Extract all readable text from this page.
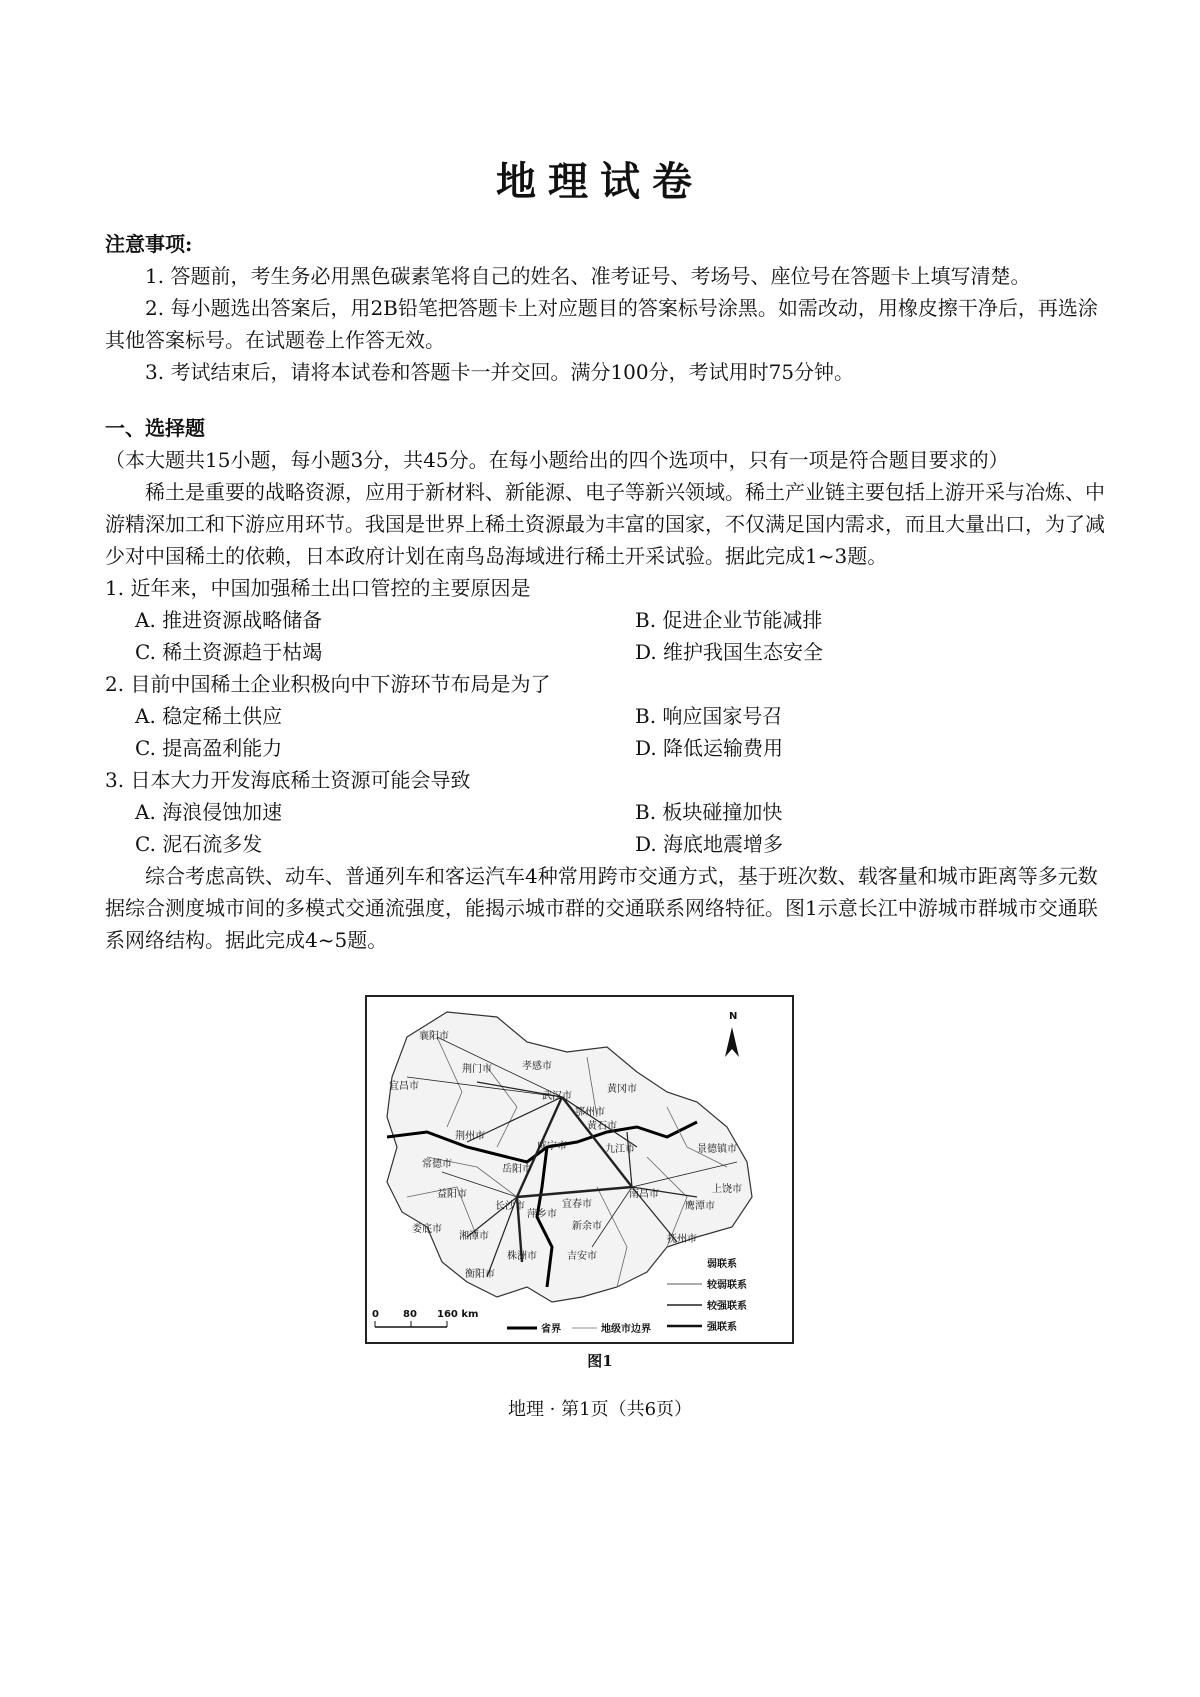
地理试卷
注意事项:
1. 答题前，考生务必用黑色碳素笔将自己的姓名、准考证号、考场号、座位号在答题卡上填写清楚。
2. 每小题选出答案后，用2B铅笔把答题卡上对应题目的答案标号涂黑。如需改动，用橡皮擦干净后，再选涂其他答案标号。在试题卷上作答无效。
3. 考试结束后，请将本试卷和答题卡一并交回。满分100分，考试用时75分钟。
一、选择题（本大题共15小题，每小题3分，共45分。在每小题给出的四个选项中，只有一项是符合题目要求的）
稀土是重要的战略资源，应用于新材料、新能源、电子等新兴领域。稀土产业链主要包括上游开采与冶炼、中游精深加工和下游应用环节。我国是世界上稀土资源最为丰富的国家，不仅满足国内需求，而且大量出口，为了减少对中国稀土的依赖，日本政府计划在南鸟岛海域进行稀土开采试验。据此完成1~3题。

1. 近年来，中国加强稀土出口管控的主要原因是

A. 推进资源战略储备	B. 促进企业节能减排
C. 稀土资源趋于枯竭	D. 维护我国生态安全

2. 目前中国稀土企业积极向中下游环节布局是为了

A. 稳定稀土供应	B. 响应国家号召
C. 提高盈利能力	D. 降低运输费用

3. 日本大力开发海底稀土资源可能会导致

A. 海浪侵蚀加速	B. 板块碰撞加快
C. 泥石流多发	D. 海底地震增多
综合考虑高铁、动车、普通列车和客运汽车4种常用跨市交通方式，基于班次数、载客量和城市距离等多元数据综合测度城市间的多模式交通流强度，能揭示城市群的交通联系网络特征。图1示意长江中游城市群城市交通联系网络结构。据此完成4~5题。
襄阳市
荆门市	孝感市
宜昌市
武汉市
黄冈市
鄂州市
黄石市
荆州市
咸宁市	九江市	景德镇市
常德市	岳阳市
益阳市	上饶市
鹰潭市
南昌市
长沙市	宜春市
新余市
娄底市
湘潭市	抚州市
株洲市	吉安市
衡阳市
萍乡市
N
弱联系
较弱联系
较强联系
强联系
0 80 160 km
省界	地级市边界
图1
地理 · 第1页（共6页）
